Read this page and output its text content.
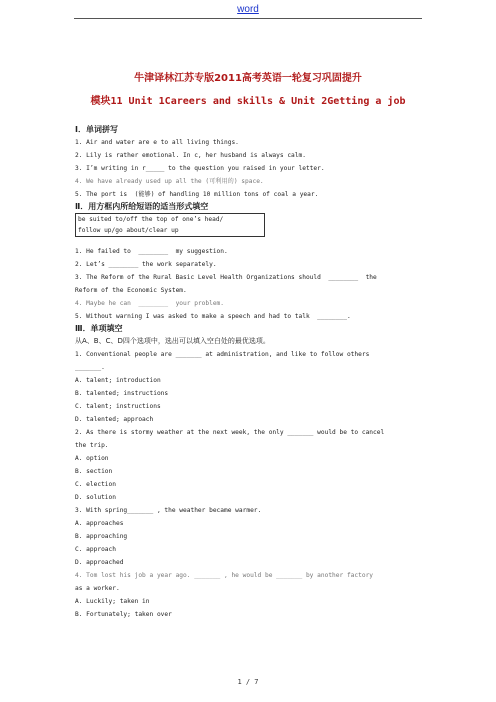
word
牛津译林江苏专版2011高考英语一轮复习巩固提升
模块11 Unit 1Careers and skills & Unit 2Getting a job
Ⅰ．单词拼写
1. Air and water are e to all living things.
2. Lily is rather emotional. In c, her husband is always calm.
3. I’m writing in r_____ to the question you raised in your letter.
4. We have already used up all the (可利用的) space.
5. The port is  (能够) of handling 10 million tons of coal a year.
Ⅱ．用方框内所给短语的适当形式填空
be suited to/off the top of one’s head/
follow up/go about/clear up
1. He failed to  ________  my suggestion.
2. Let’s ________ the work separately.
3. The Reform of the Rural Basic Level Health Organizations should  ________  the
Reform of the Economic System.
4. Maybe he can  ________  your problem.
5. Without warning I was asked to make a speech and had to talk  ________.
Ⅲ．单项填空
从A、B、C、D四个选项中，选出可以填入空白处的最优选项。
1. Conventional people are _______ at administration, and like to follow others
_______.
A. talent; introduction
B. talented; instructions
C. talent; instructions
D. talented; approach
2. As there is stormy weather at the next week, the only _______ would be to cancel
the trip.
A. option
B. section
C. election
D. solution
3. With spring_______ , the weather became warmer.
A. approaches
B. approaching
C. approach
D. approached
4. Tom lost his job a year ago. _______ , he would be _______ by another factory
as a worker.
A. Luckily; taken in
B. Fortunately; taken over
1 / 7
